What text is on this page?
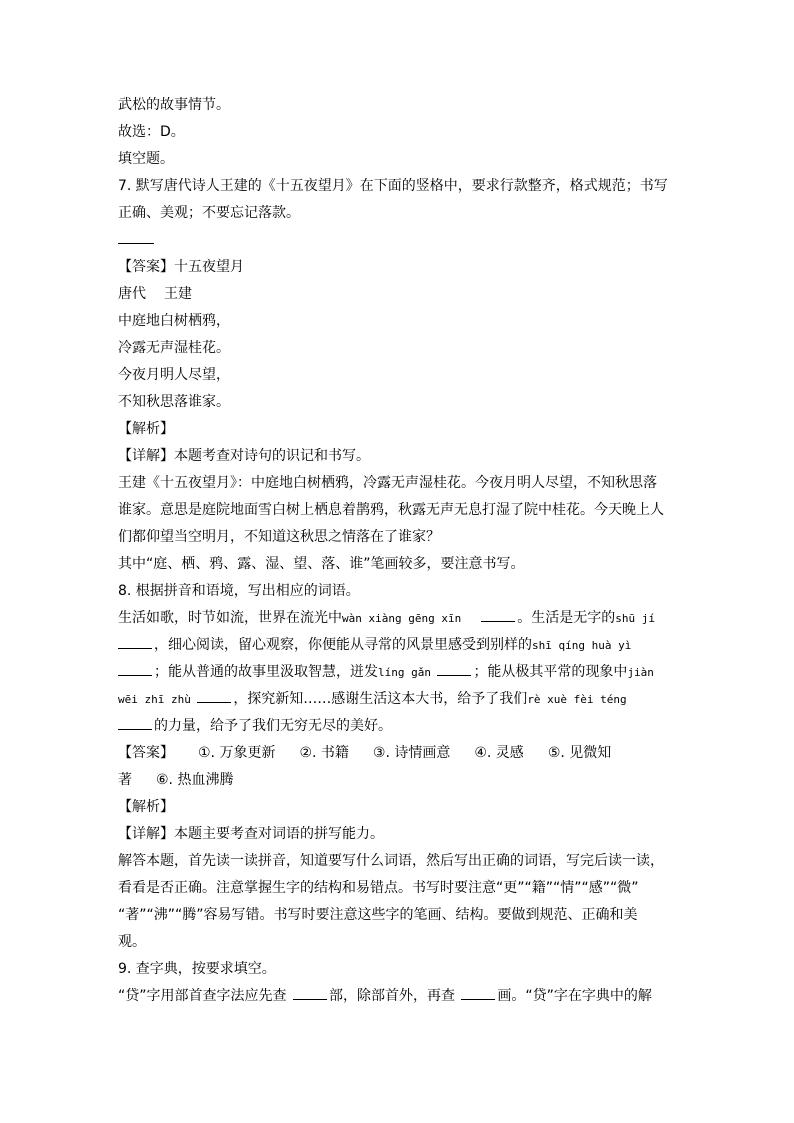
武松的故事情节。
故选：D。
填空题。
7. 默写唐代诗人王建的《十五夜望月》在下面的竖格中，要求行款整齐，格式规范；书写
正确、美观；不要忘记落款。
【答案】十五夜望月
唐代 王建
中庭地白树栖鸦，
冷露无声湿桂花。
今夜月明人尽望，
不知秋思落谁家。
【解析】
【详解】本题考查对诗句的识记和书写。
王建《十五夜望月》：中庭地白树栖鸦，冷露无声湿桂花。今夜月明人尽望，不知秋思落
谁家。意思是庭院地面雪白树上栖息着鹊鸦，秋露无声无息打湿了院中桂花。今天晚上人
们都仰望当空明月，不知道这秋思之情落在了谁家？
其中“庭、栖、鸦、露、湿、望、落、谁”笔画较多，要注意书写。
8. 根据拼音和语境，写出相应的词语。
生活如歌，时节如流，世界在流光中wàn xiàng gēng xīn	。生活是无字的shū jí
，细心阅读，留心观察，你便能从寻常的风景里感受到别样的shī qíng huà yì
；能从普通的故事里汲取智慧，迸发líng gǎn	；能从极其平常的现象中jiàn
wēi zhī zhù	，探究新知……感谢生活这本大书，给予了我们rè xuè fèi téng
的力量，给予了我们无穷无尽的美好。
【答案】 ①. 万象更新 ②. 书籍 ③. 诗情画意 ④. 灵感 ⑤. 见微知
著 ⑥. 热血沸腾
【解析】
【详解】本题主要考查对词语的拼写能力。
解答本题，首先读一读拼音，知道要写什么词语，然后写出正确的词语，写完后读一读，
看看是否正确。注意掌握生字的结构和易错点。书写时要注意“更”“籍”“情”“感”“微”
“著”“沸”“腾”容易写错。书写时要注意这些字的笔画、结构。要做到规范、正确和美
观。
9. 查字典，按要求填空。
“贷”字用部首查字法应先查	部，除部首外，再查	画。“贷”字在字典中的解
